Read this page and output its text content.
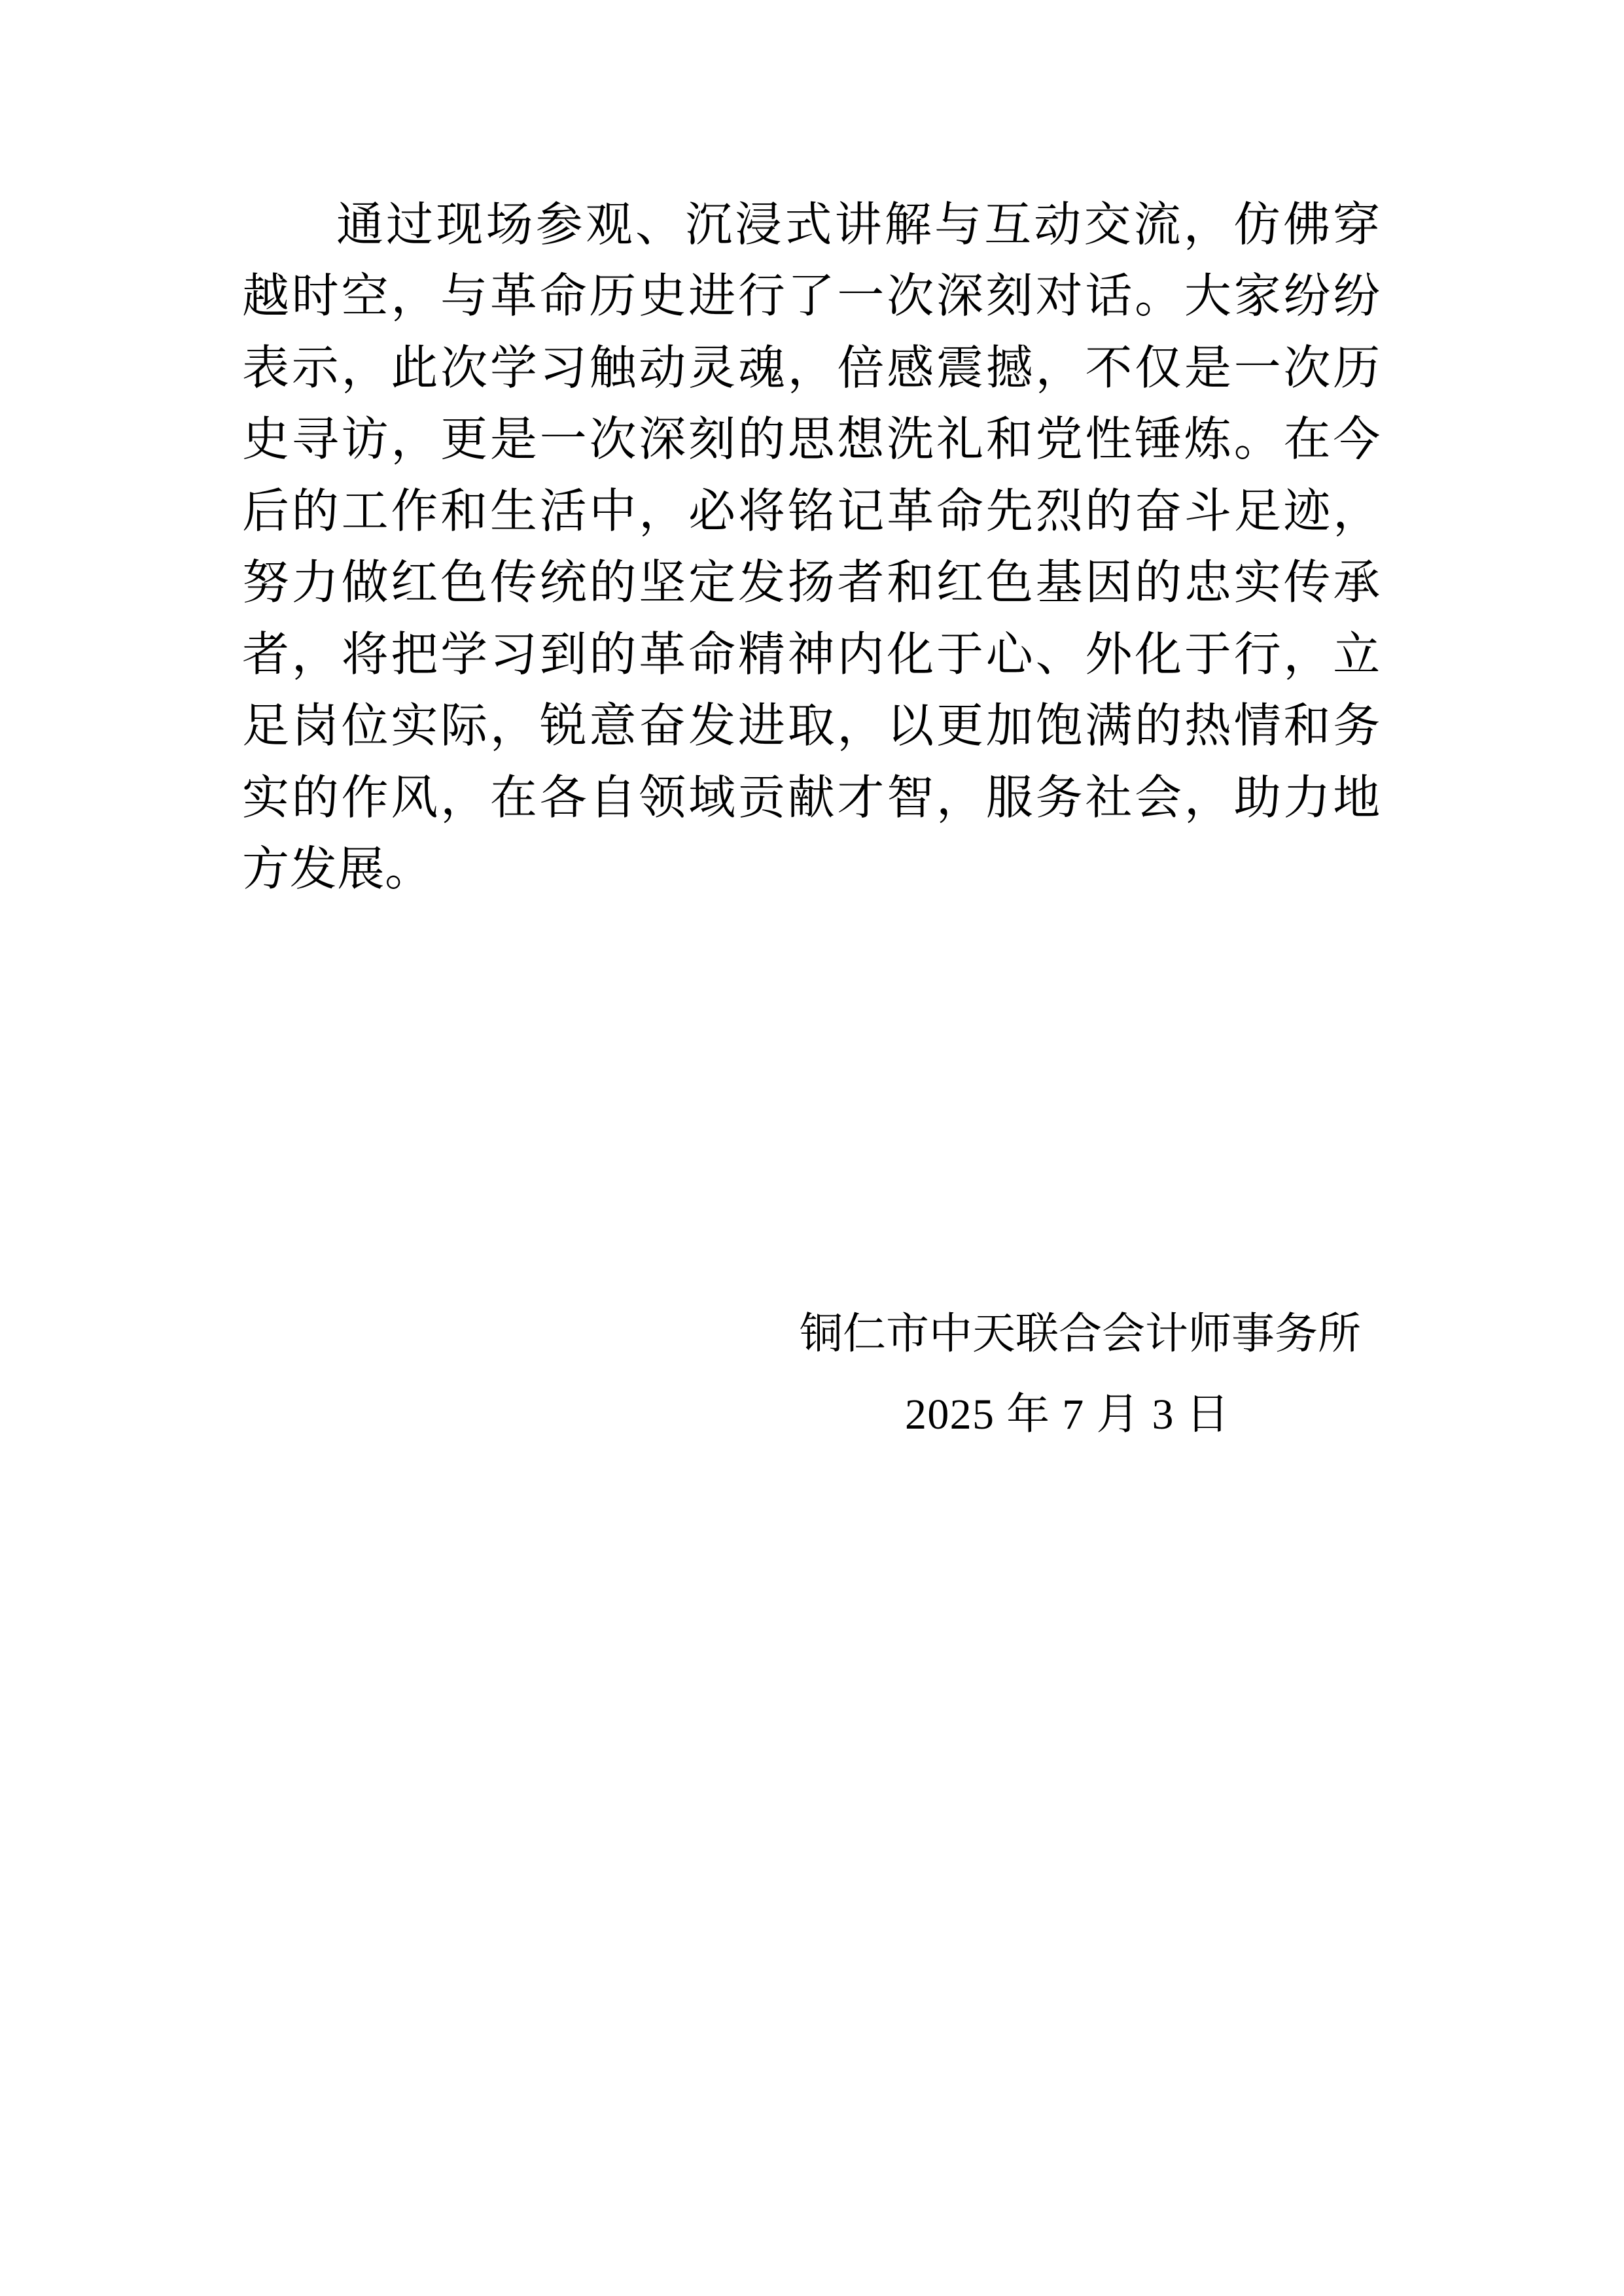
通过现场参观、沉浸式讲解与互动交流，仿佛穿越时空，与革命历史进行了一次深刻对话。大家纷纷表示，此次学习触动灵魂，倍感震撼，不仅是一次历史寻访，更是一次深刻的思想洗礼和党性锤炼。在今后的工作和生活中，必将铭记革命先烈的奋斗足迹，努力做红色传统的坚定发扬者和红色基因的忠实传承者，将把学习到的革命精神内化于心、外化于行，立足岗位实际，锐意奋发进取，以更加饱满的热情和务实的作风，在各自领域贡献才智，服务社会，助力地方发展。

铜仁市中天联合会计师事务所
2025 年 7 月 3 日
